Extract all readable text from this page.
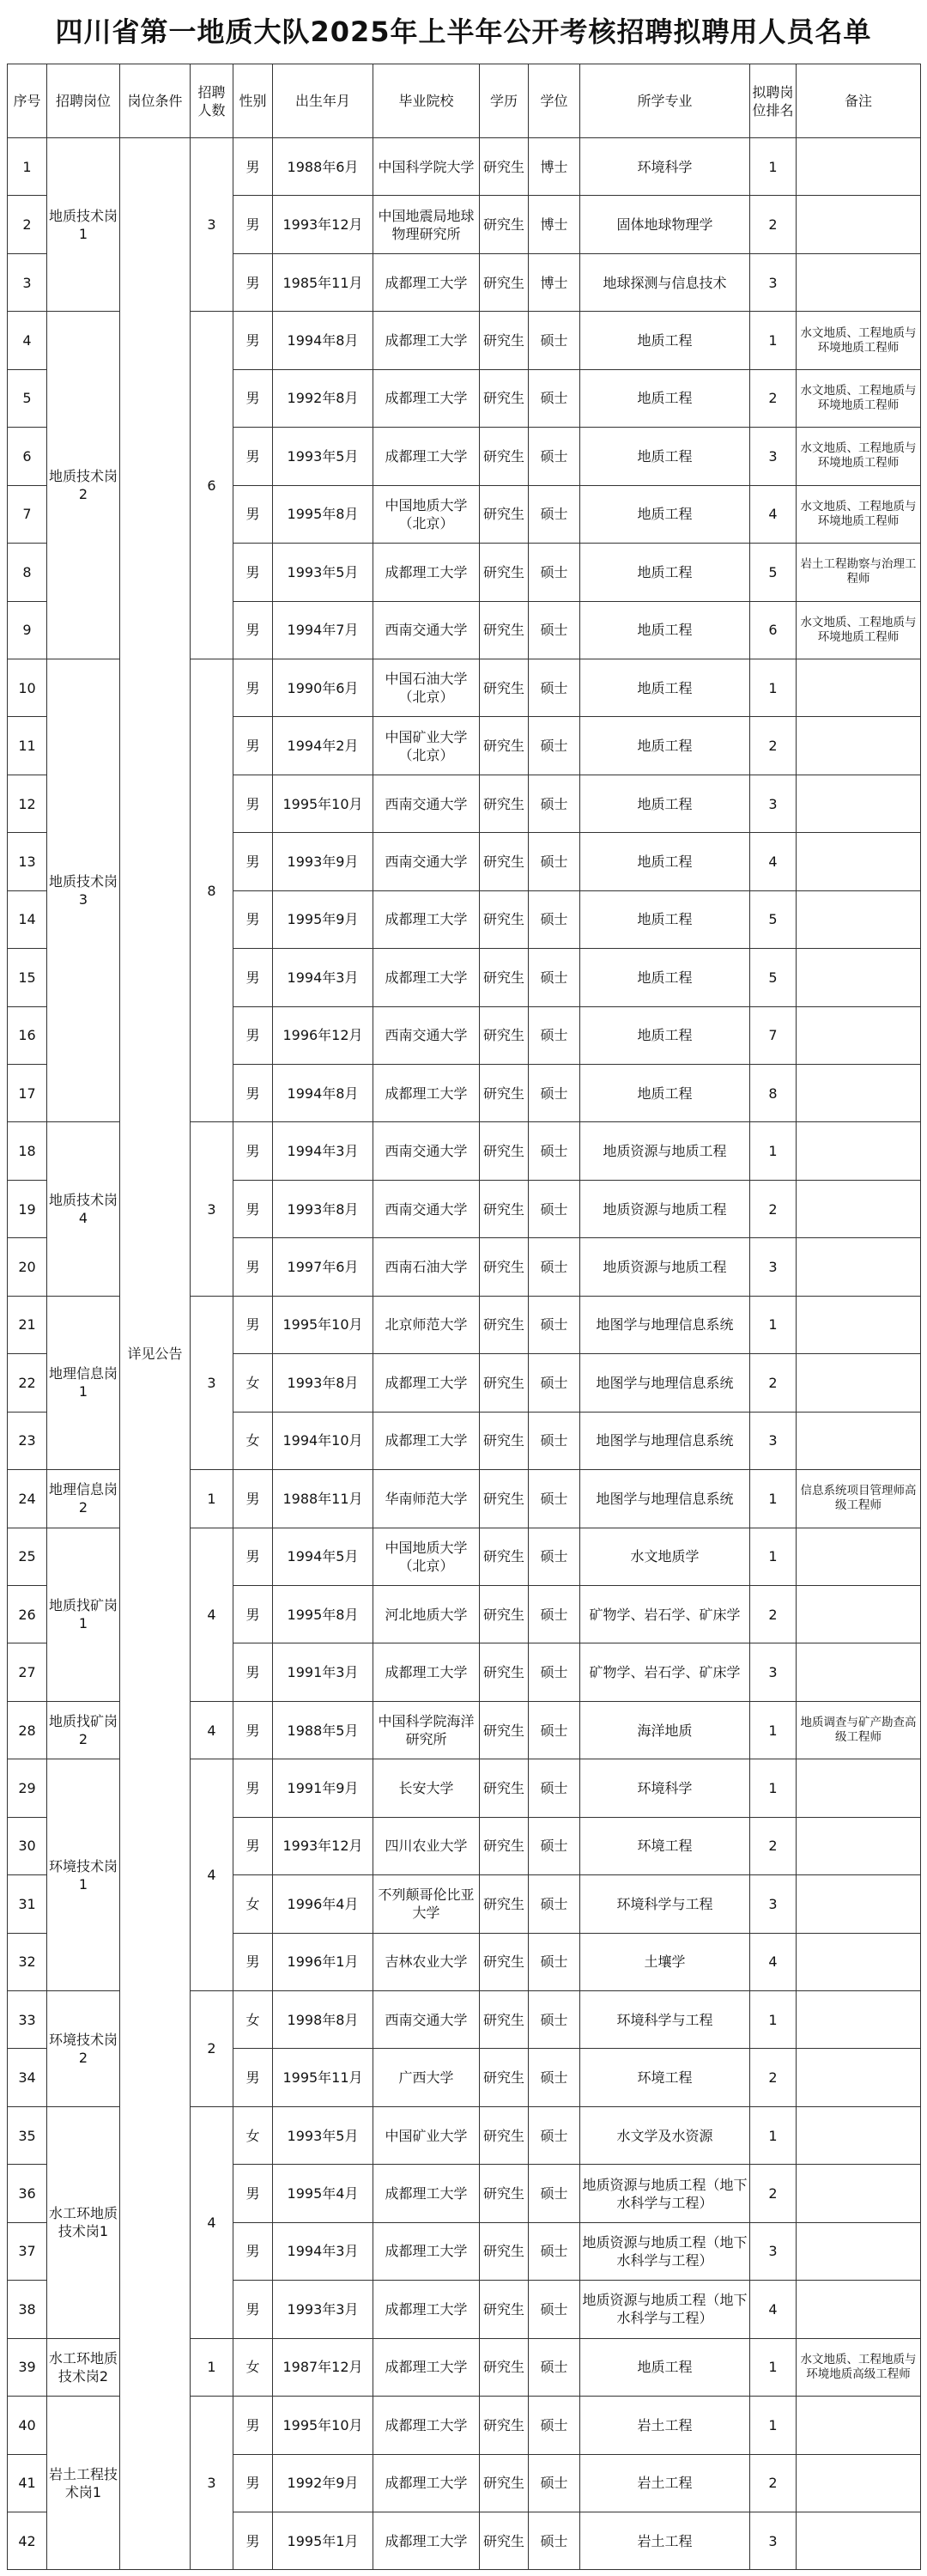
四川省第一地质大队2025年上半年公开考核招聘拟聘用人员名单
序号	招聘岗位	岗位条件	招聘人数	性别	出生年月	毕业院校	学历	学位	所学专业	拟聘岗位排名	备注
1	地质技术岗1	详见公告	3	男	1988年6月	中国科学院大学	研究生	博士	环境科学	1	
2				男	1993年12月	中国地震局地球物理研究所	研究生	博士	固体地球物理学	2	
3				男	1985年11月	成都理工大学	研究生	博士	地球探测与信息技术	3	
4	地质技术岗2		6	男	1994年8月	成都理工大学	研究生	硕士	地质工程	1	水文地质、工程地质与环境地质工程师
5				男	1992年8月	成都理工大学	研究生	硕士	地质工程	2	水文地质、工程地质与环境地质工程师
6				男	1993年5月	成都理工大学	研究生	硕士	地质工程	3	水文地质、工程地质与环境地质工程师
7				男	1995年8月	中国地质大学（北京）	研究生	硕士	地质工程	4	水文地质、工程地质与环境地质工程师
8				男	1993年5月	成都理工大学	研究生	硕士	地质工程	5	岩土工程勘察与治理工程师
9				男	1994年7月	西南交通大学	研究生	硕士	地质工程	6	水文地质、工程地质与环境地质工程师
10	地质技术岗3		8	男	1990年6月	中国石油大学（北京）	研究生	硕士	地质工程	1	
11				男	1994年2月	中国矿业大学（北京）	研究生	硕士	地质工程	2	
12				男	1995年10月	西南交通大学	研究生	硕士	地质工程	3	
13				男	1993年9月	西南交通大学	研究生	硕士	地质工程	4	
14				男	1995年9月	成都理工大学	研究生	硕士	地质工程	5	
15				男	1994年3月	成都理工大学	研究生	硕士	地质工程	5	
16				男	1996年12月	西南交通大学	研究生	硕士	地质工程	7	
17				男	1994年8月	成都理工大学	研究生	硕士	地质工程	8	
18	地质技术岗4		3	男	1994年3月	西南交通大学	研究生	硕士	地质资源与地质工程	1	
19				男	1993年8月	西南交通大学	研究生	硕士	地质资源与地质工程	2	
20				男	1997年6月	西南石油大学	研究生	硕士	地质资源与地质工程	3	
21	地理信息岗1		3	男	1995年10月	北京师范大学	研究生	硕士	地图学与地理信息系统	1	
22				女	1993年8月	成都理工大学	研究生	硕士	地图学与地理信息系统	2	
23				女	1994年10月	成都理工大学	研究生	硕士	地图学与地理信息系统	3	
24	地理信息岗2		1	男	1988年11月	华南师范大学	研究生	硕士	地图学与地理信息系统	1	信息系统项目管理师高级工程师
25	地质找矿岗1		4	男	1994年5月	中国地质大学（北京）	研究生	硕士	水文地质学	1	
26				男	1995年8月	河北地质大学	研究生	硕士	矿物学、岩石学、矿床学	2	
27				男	1991年3月	成都理工大学	研究生	硕士	矿物学、岩石学、矿床学	3	
28	地质找矿岗2		4	男	1988年5月	中国科学院海洋研究所	研究生	硕士	海洋地质	1	地质调查与矿产勘查高级工程师
29	环境技术岗1		4	男	1991年9月	长安大学	研究生	硕士	环境科学	1	
30				男	1993年12月	四川农业大学	研究生	硕士	环境工程	2	
31				女	1996年4月	不列颠哥伦比亚大学	研究生	硕士	环境科学与工程	3	
32				男	1996年1月	吉林农业大学	研究生	硕士	土壤学	4	
33	环境技术岗2		2	女	1998年8月	西南交通大学	研究生	硕士	环境科学与工程	1	
34				男	1995年11月	广西大学	研究生	硕士	环境工程	2	
35	水工环地质技术岗1		4	女	1993年5月	中国矿业大学	研究生	硕士	水文学及水资源	1	
36				男	1995年4月	成都理工大学	研究生	硕士	地质资源与地质工程（地下水科学与工程）	2	
37				男	1994年3月	成都理工大学	研究生	硕士	地质资源与地质工程（地下水科学与工程）	3	
38				男	1993年3月	成都理工大学	研究生	硕士	地质资源与地质工程（地下水科学与工程）	4	
39	水工环地质技术岗2		1	女	1987年12月	成都理工大学	研究生	硕士	地质工程	1	水文地质、工程地质与环境地质高级工程师
40	岩土工程技术岗1		3	男	1995年10月	成都理工大学	研究生	硕士	岩土工程	1	
41				男	1992年9月	成都理工大学	研究生	硕士	岩土工程	2	
42				男	1995年1月	成都理工大学	研究生	硕士	岩土工程	3	
